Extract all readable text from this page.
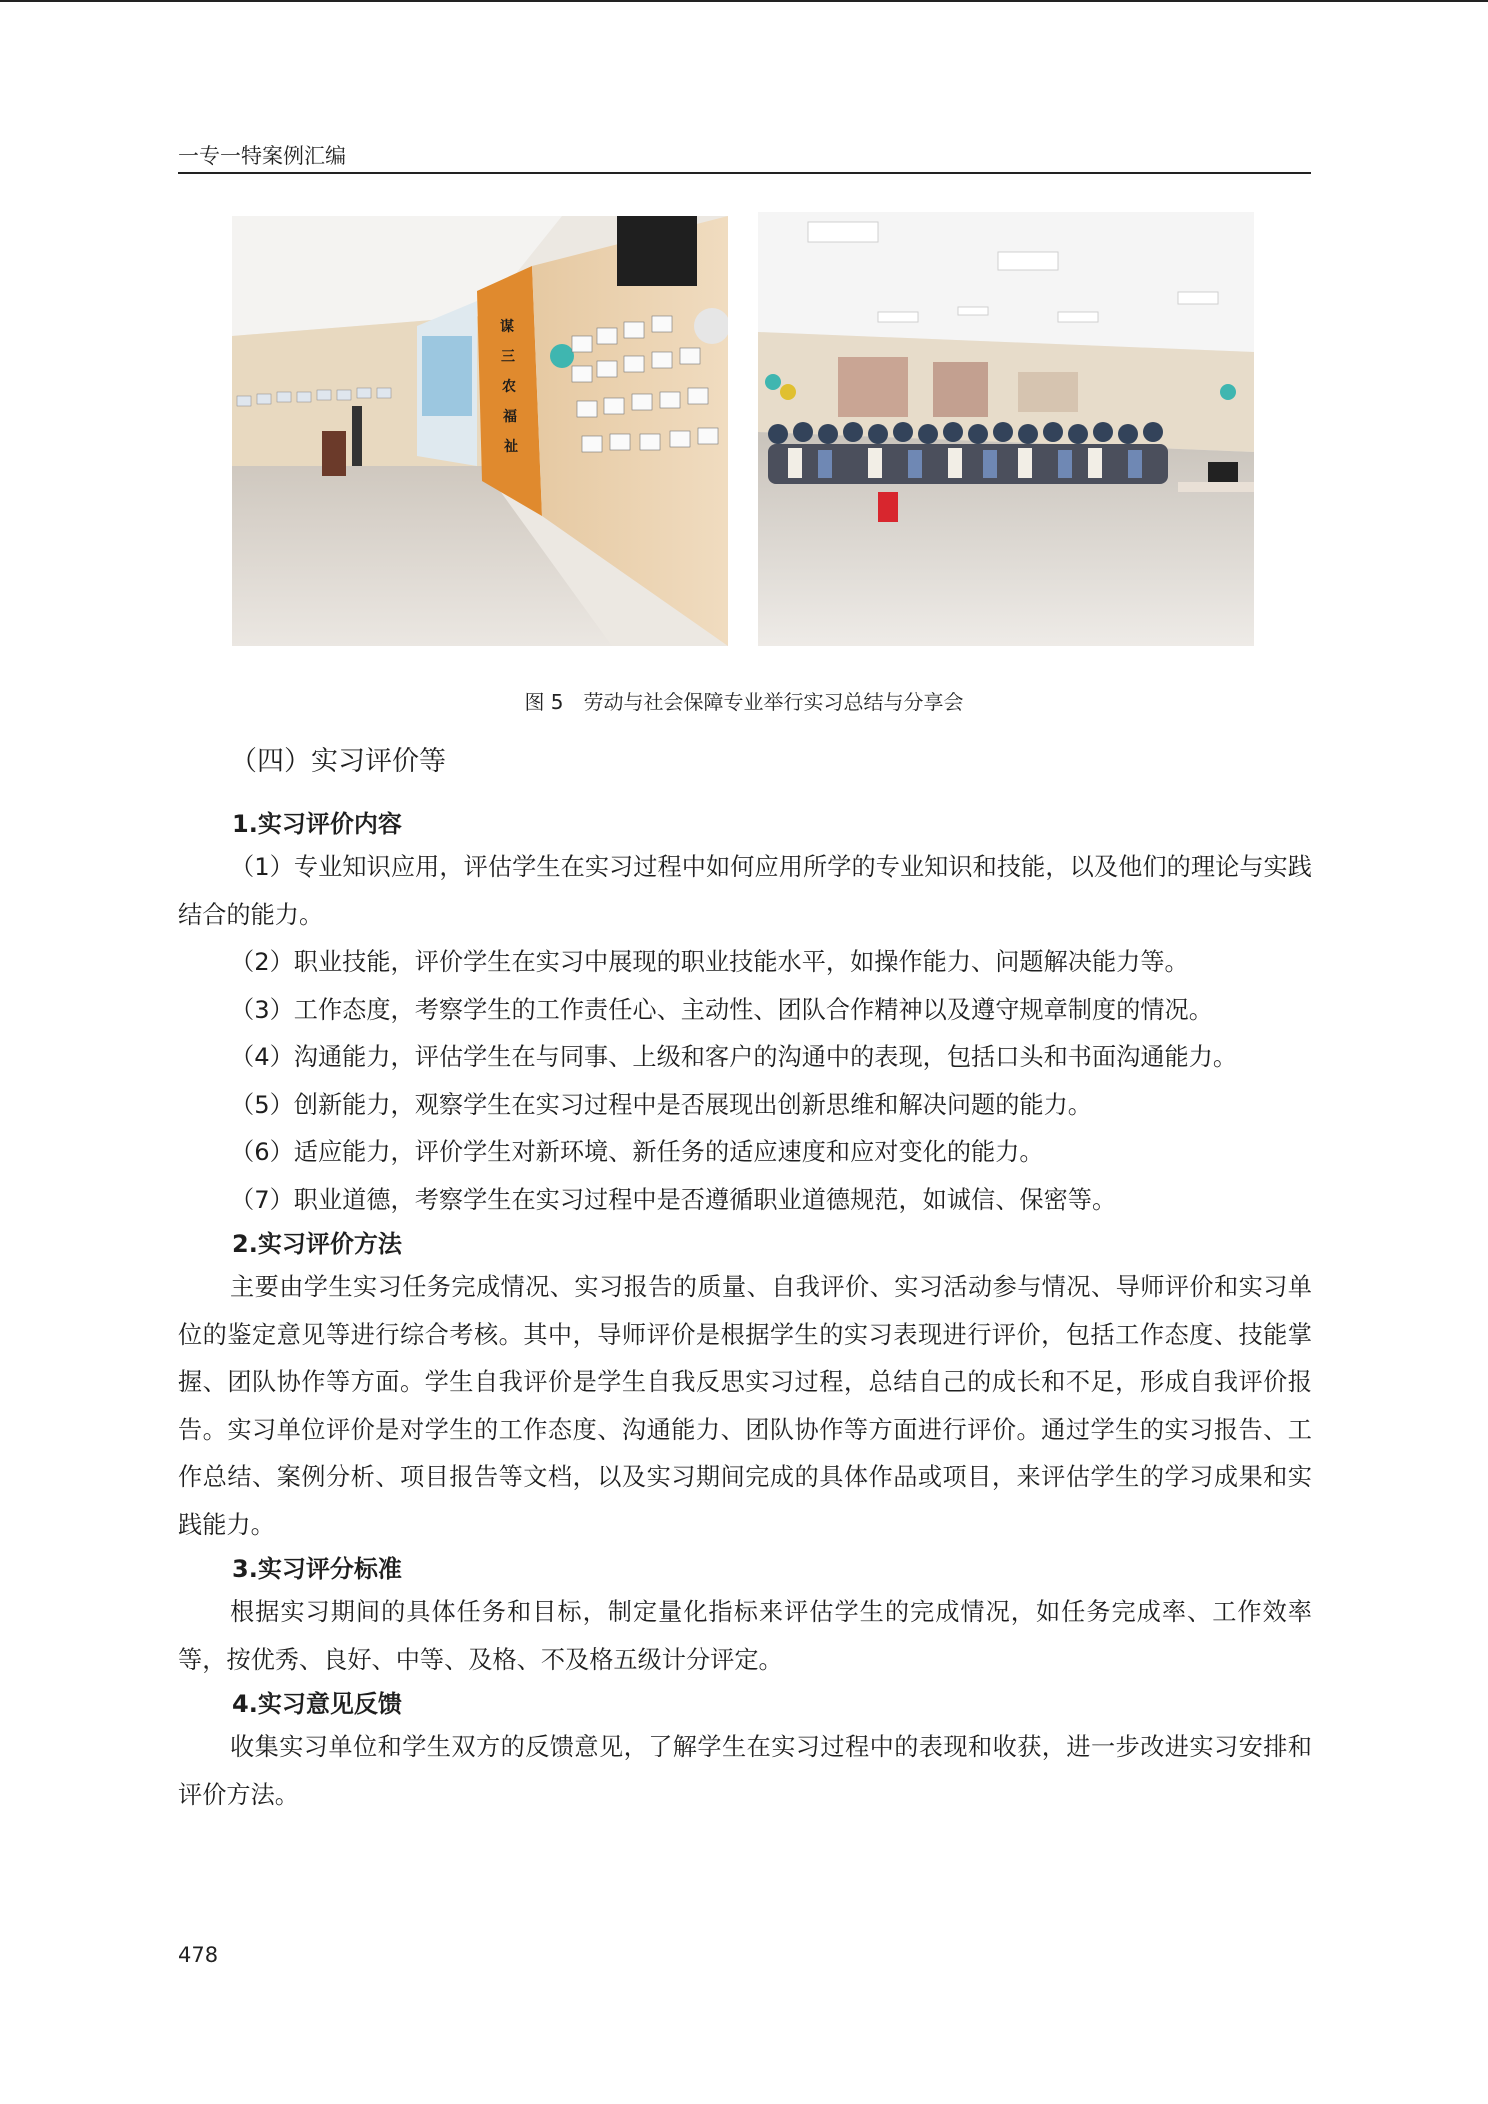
一专一特案例汇编
谋
三
农
福
祉
图 5　劳动与社会保障专业举行实习总结与分享会
（四）实习评价等
1.实习评价内容

（1）专业知识应用，评估学生在实习过程中如何应用所学的专业知识和技能，以及他们的理论与实践结合的能力。

（2）职业技能，评价学生在实习中展现的职业技能水平，如操作能力、问题解决能力等。

（3）工作态度，考察学生的工作责任心、主动性、团队合作精神以及遵守规章制度的情况。

（4）沟通能力，评估学生在与同事、上级和客户的沟通中的表现，包括口头和书面沟通能力。

（5）创新能力，观察学生在实习过程中是否展现出创新思维和解决问题的能力。

（6）适应能力，评价学生对新环境、新任务的适应速度和应对变化的能力。

（7）职业道德，考察学生在实习过程中是否遵循职业道德规范，如诚信、保密等。

2.实习评价方法

主要由学生实习任务完成情况、实习报告的质量、自我评价、实习活动参与情况、导师评价和实习单位的鉴定意见等进行综合考核。其中，导师评价是根据学生的实习表现进行评价，包括工作态度、技能掌握、团队协作等方面。学生自我评价是学生自我反思实习过程，总结自己的成长和不足，形成自我评价报告。实习单位评价是对学生的工作态度、沟通能力、团队协作等方面进行评价。通过学生的实习报告、工作总结、案例分析、项目报告等文档，以及实习期间完成的具体作品或项目，来评估学生的学习成果和实践能力。

3.实习评分标准

根据实习期间的具体任务和目标，制定量化指标来评估学生的完成情况，如任务完成率、工作效率等，按优秀、良好、中等、及格、不及格五级计分评定。

4.实习意见反馈

收集实习单位和学生双方的反馈意见，了解学生在实习过程中的表现和收获，进一步改进实习安排和评价方法。

478
